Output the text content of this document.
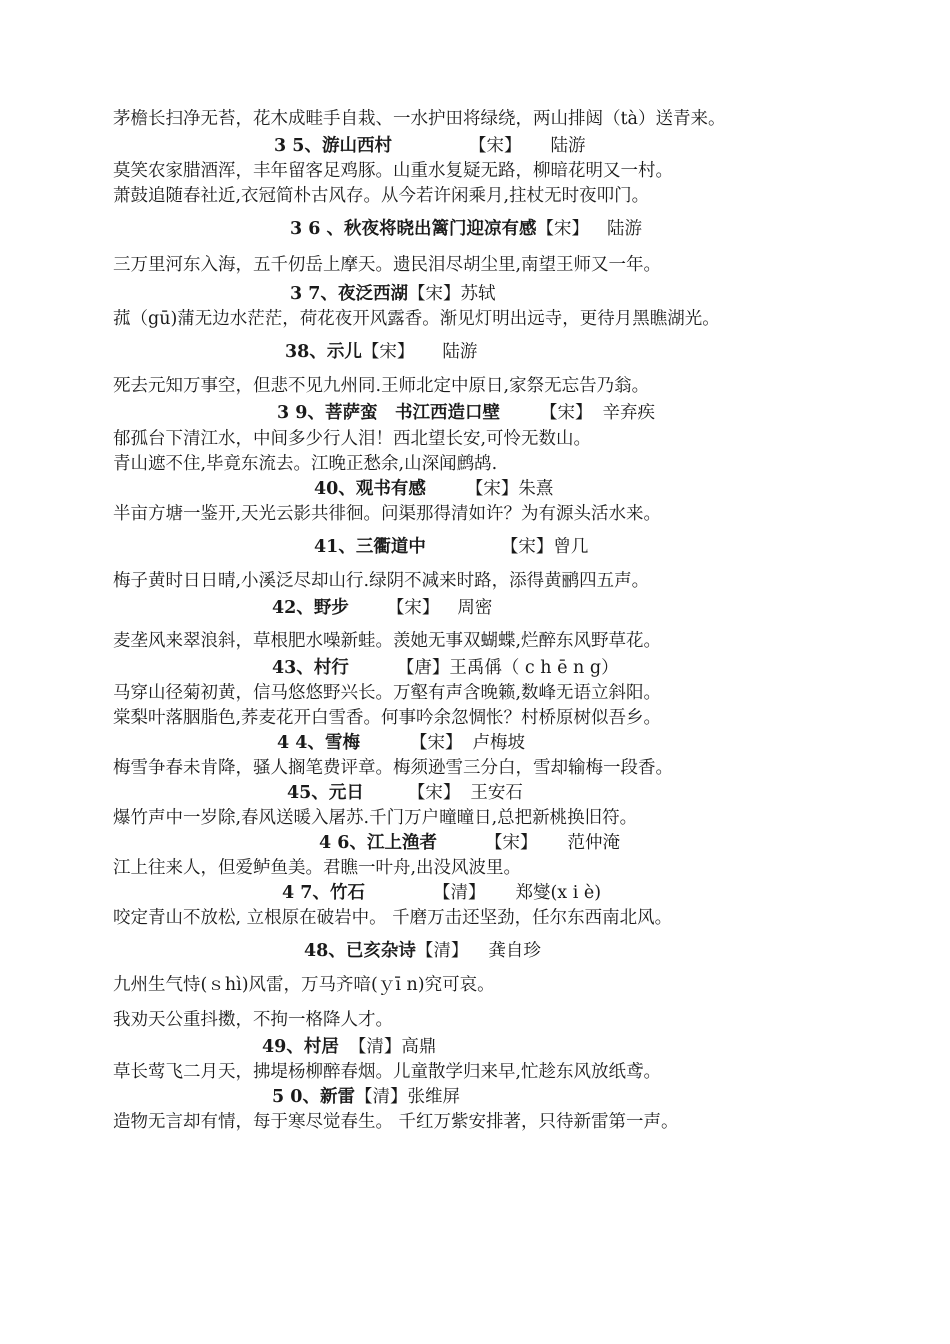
茅檐长扫净无苔，花木成畦手自栽、一水护田将绿绕，两山排闼（tà）送青来。
3 5、游山西村	【宋】 陆游
莫笑农家腊酒浑，丰年留客足鸡豚。山重水复疑无路，柳暗花明又一村。
萧鼓追随春社近,衣冠简朴古风存。从今若许闲乘月,拄杖无时夜叩门。
3 6 、秋夜将晓出篱门迎凉有感【宋】 陆游
三万里河东入海，五千仞岳上摩天。遗民泪尽胡尘里,南望王师又一年。
3 7、夜泛西湖【宋】苏轼
菰（gū)蒲无边水茫茫，荷花夜开风露香。渐见灯明出远寺，更待月黑瞧湖光。
38、示儿【宋】 陆游
死去元知万事空，但悲不见九州同.王师北定中原日,家祭无忘告乃翁。
3 9、菩萨蛮　书江西造口壁 【宋】 辛弃疾
郁孤台下清江水，中间多少行人泪！西北望长安,可怜无数山。
青山遮不住,毕竟东流去。江晚正愁余,山深闻鹧鸪.
40、观书有感 【宋】朱熹
半亩方塘一鉴开,天光云影共徘徊。问渠那得清如许？为有源头活水来。
41、三衢道中	【宋】曾几
梅子黄时日日晴,小溪泛尽却山行.绿阴不减来时路，添得黄鹂四五声。
42、野步 【宋】 周密
麦垄风来翠浪斜，草根肥水噪新蛙。羡她无事双蝴蝶,烂醉东风野草花。
43、村行	【唐】王禹偁（ c h ē n g）
马穿山径菊初黄，信马悠悠野兴长。万壑有声含晚籁,数峰无语立斜阳。
棠梨叶落胭脂色,荞麦花开白雪香。何事吟余忽惆怅？村桥原树似吾乡。
4 4、雪梅	【宋】 卢梅坡
梅雪争春未肯降，骚人搁笔费评章。梅须逊雪三分白，雪却输梅一段香。
45、元日	【宋】 王安石
爆竹声中一岁除,春风送暖入屠苏.千门万户曈曈日,总把新桃换旧符。
4 6、江上渔者	【宋】 范仲淹
江上往来人，但爱鲈鱼美。君瞧一叶舟,出没风波里。
4 7、竹石	【清】 郑燮(x i è)
咬定青山不放松, 立根原在破岩中。 千磨万击还坚劲，任尔东西南北风。
48、已亥杂诗【清】 龚自珍
九州生气恃(ｓhì)风雷，万马齐喑(ｙī n)究可哀。
我劝天公重抖擞，不拘一格降人才。
49、村居 【清】高鼎
草长莺飞二月天，拂堤杨柳醉春烟。儿童散学归来早,忙趁东风放纸鸢。
5 0、新雷【清】张维屏
造物无言却有情，每于寒尽觉春生。 千红万紫安排著，只待新雷第一声。
